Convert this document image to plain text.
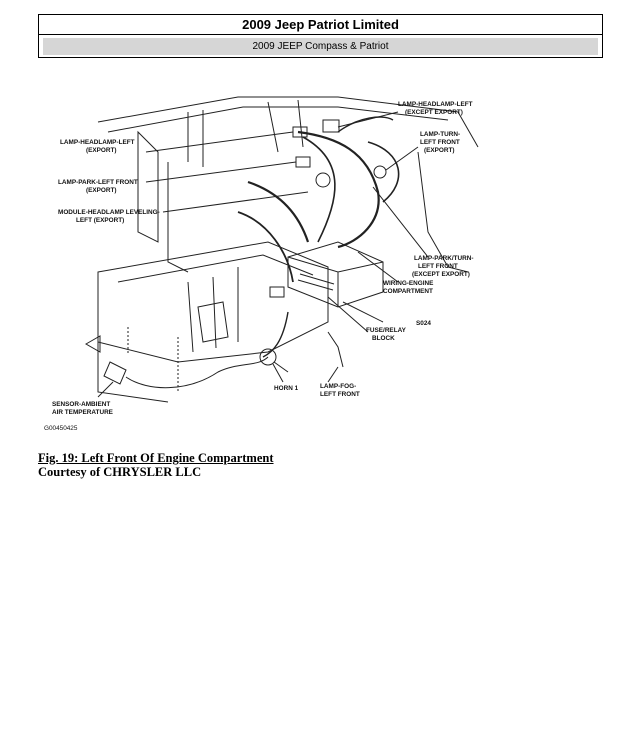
2009 Jeep Patriot Limited
2009 JEEP Compass & Patriot
LAMP-HEADLAMP-LEFT
(EXCEPT EXPORT)
LAMP-TURN-
LEFT FRONT
(EXPORT)
LAMP-HEADLAMP-LEFT
(EXPORT)
LAMP-PARK-LEFT FRONT
(EXPORT)
MODULE-HEADLAMP LEVELING-
LEFT (EXPORT)
LAMP-PARK/TURN-
LEFT FRONT
(EXCEPT EXPORT)
WIRING-ENGINE
COMPARTMENT
S024
FUSE/RELAY
BLOCK
HORN 1	LAMP-FOG-
LEFT FRONT
SENSOR-AMBIENT
AIR TEMPERATURE
G00450425
Fig. 19: Left Front Of Engine Compartment
Courtesy of CHRYSLER LLC
